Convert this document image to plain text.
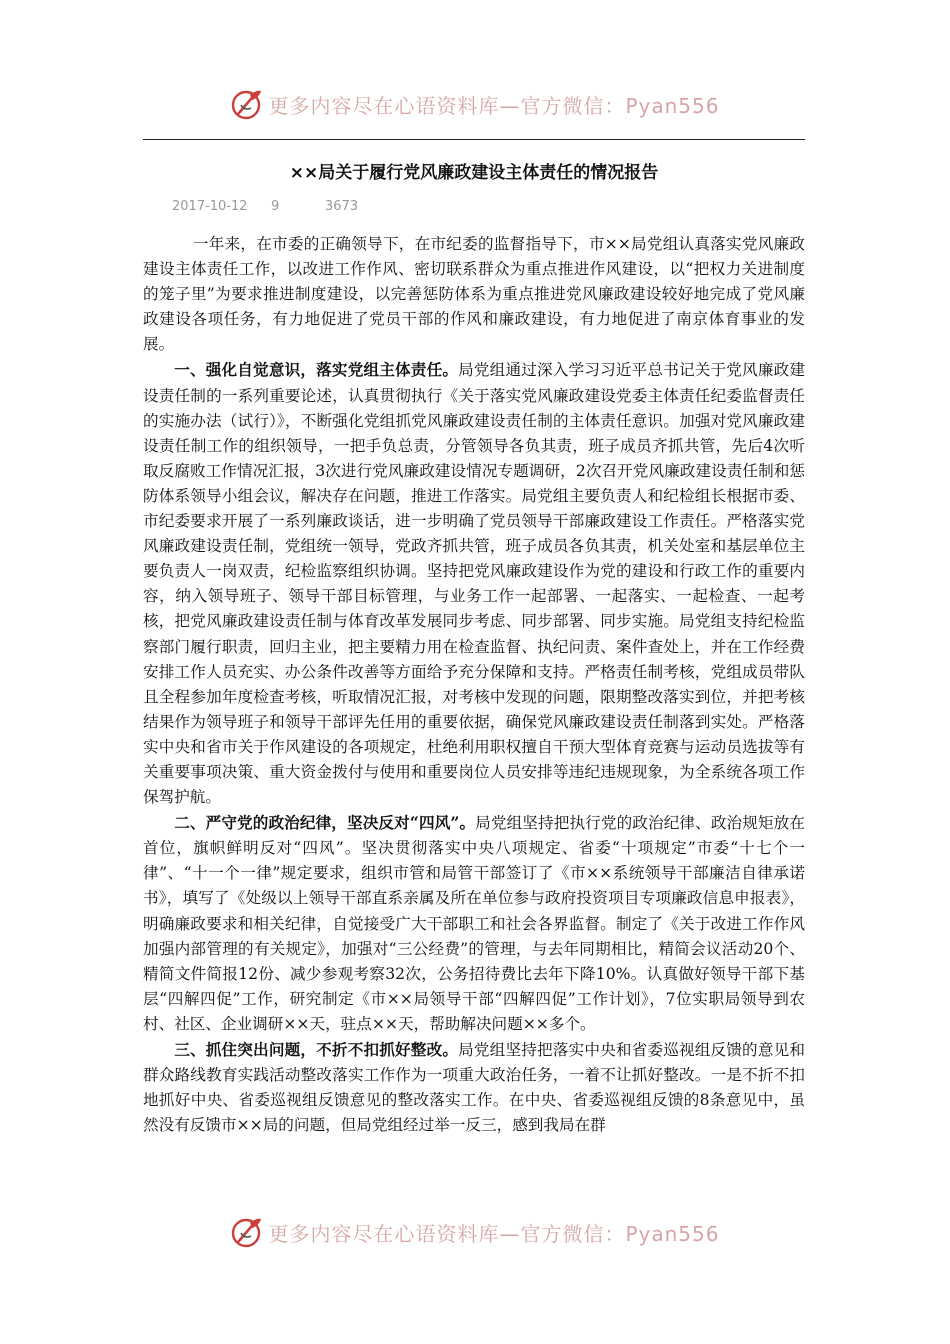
更多内容尽在心语资料库—官方微信：Pyan556
××局关于履行党风廉政建设主体责任的情况报告
2017-10-12 9	3673

一年来，在市委的正确领导下，在市纪委的监督指导下，市××局党组认真落实党风廉政建设主体责任工作，以改进工作作风、密切联系群众为重点推进作风建设，以“把权力关进制度的笼子里”为要求推进制度建设，以完善惩防体系为重点推进党风廉政建设较好地完成了党风廉政建设各项任务，有力地促进了党员干部的作风和廉政建设，有力地促进了南京体育事业的发展。

一、强化自觉意识，落实党组主体责任。局党组通过深入学习习近平总书记关于党风廉政建设责任制的一系列重要论述，认真贯彻执行《关于落实党风廉政建设党委主体责任纪委监督责任的实施办法（试行）》，不断强化党组抓党风廉政建设责任制的主体责任意识。加强对党风廉政建设责任制工作的组织领导，一把手负总责，分管领导各负其责，班子成员齐抓共管，先后4次听取反腐败工作情况汇报，3次进行党风廉政建设情况专题调研，2次召开党风廉政建设责任制和惩防体系领导小组会议，解决存在问题，推进工作落实。局党组主要负责人和纪检组长根据市委、市纪委要求开展了一系列廉政谈话，进一步明确了党员领导干部廉政建设工作责任。严格落实党风廉政建设责任制，党组统一领导，党政齐抓共管，班子成员各负其责，机关处室和基层单位主要负责人一岗双责，纪检监察组织协调。坚持把党风廉政建设作为党的建设和行政工作的重要内容，纳入领导班子、领导干部目标管理，与业务工作一起部署、一起落实、一起检查、一起考核，把党风廉政建设责任制与体育改革发展同步考虑、同步部署、同步实施。局党组支持纪检监察部门履行职责，回归主业，把主要精力用在检查监督、执纪问责、案件查处上，并在工作经费安排工作人员充实、办公条件改善等方面给予充分保障和支持。严格责任制考核，党组成员带队且全程参加年度检查考核，听取情况汇报，对考核中发现的问题，限期整改落实到位，并把考核结果作为领导班子和领导干部评先任用的重要依据，确保党风廉政建设责任制落到实处。严格落实中央和省市关于作风建设的各项规定，杜绝利用职权擅自干预大型体育竞赛与运动员选拔等有关重要事项决策、重大资金拨付与使用和重要岗位人员安排等违纪违规现象，为全系统各项工作保驾护航。

二、严守党的政治纪律，坚决反对“四风”。局党组坚持把执行党的政治纪律、政治规矩放在首位，旗帜鲜明反对“四风”。坚决贯彻落实中央八项规定、省委“十项规定”市委“十七个一律”、“十一个一律”规定要求，组织市管和局管干部签订了《市××系统领导干部廉洁自律承诺书》，填写了《处级以上领导干部直系亲属及所在单位参与政府投资项目专项廉政信息申报表》，明确廉政要求和相关纪律，自觉接受广大干部职工和社会各界监督。制定了《关于改进工作作风加强内部管理的有关规定》，加强对“三公经费”的管理，与去年同期相比，精简会议活动20个、精简文件简报12份、减少参观考察32次，公务招待费比去年下降10%。认真做好领导干部下基层“四解四促”工作，研究制定《市××局领导干部“四解四促”工作计划》，7位实职局领导到农村、社区、企业调研××天，驻点××天，帮助解决问题××多个。

三、抓住突出问题，不折不扣抓好整改。局党组坚持把落实中央和省委巡视组反馈的意见和群众路线教育实践活动整改落实工作作为一项重大政治任务，一着不让抓好整改。一是不折不扣地抓好中央、省委巡视组反馈意见的整改落实工作。在中央、省委巡视组反馈的8条意见中，虽然没有反馈市××局的问题，但局党组经过举一反三，感到我局在群

更多内容尽在心语资料库—官方微信：Pyan556
